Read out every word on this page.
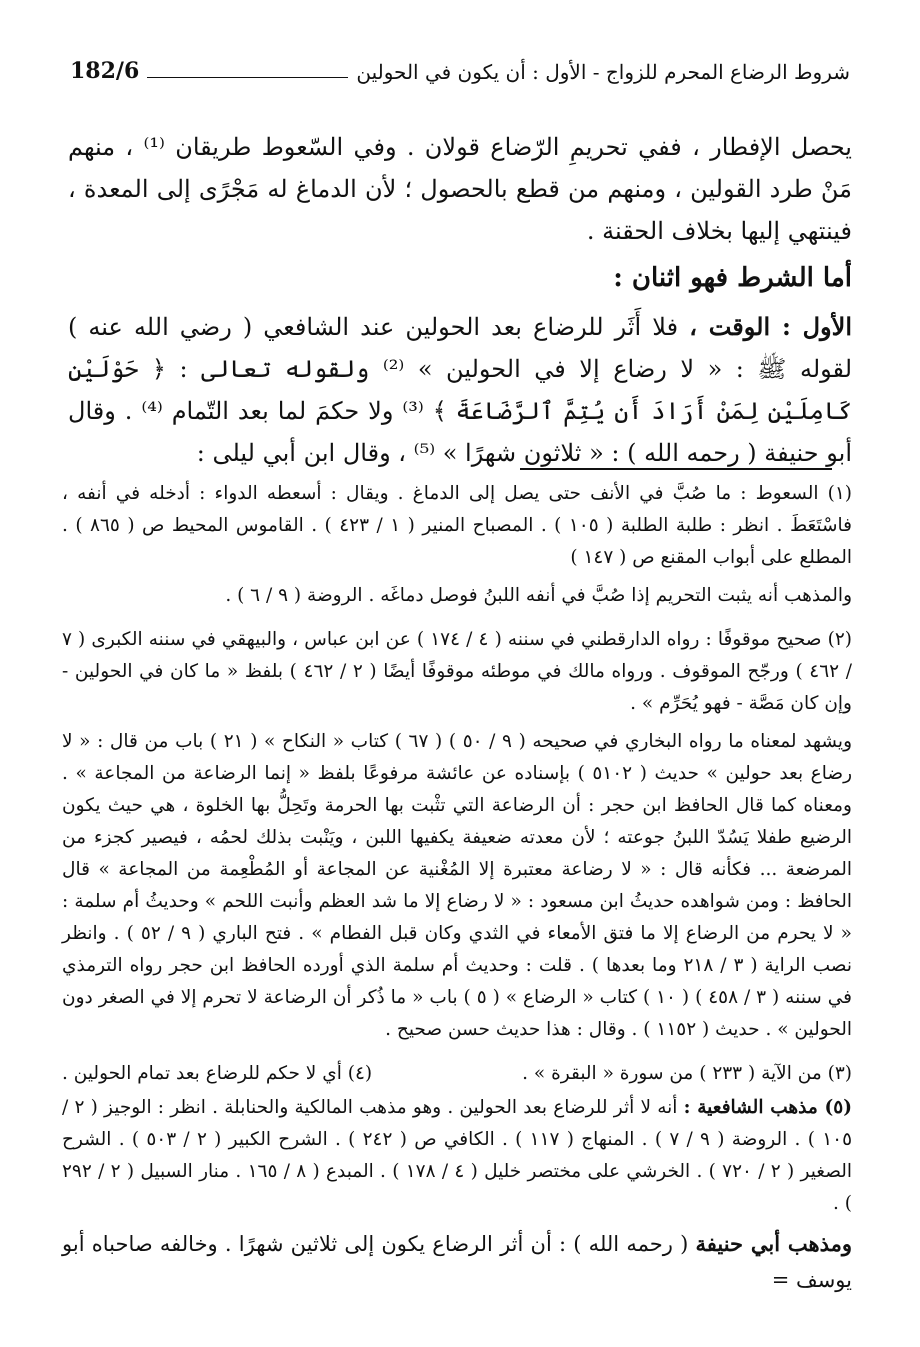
182/6	شروط الرضاع المحرم للزواج - الأول : أن يكون في الحولين

يحصل الإفطار ، ففي تحريمِ الرّضاع قولان . وفي السّعوط طريقان ⁽¹⁾ ، منهم مَنْ طرد القولين ، ومنهم من قطع بالحصول ؛ لأن الدماغ له مَجْرًى إلى المعدة ، فينتهي إليها بخلاف الحقنة .

أما الشرط فهو اثنان :

الأول : الوقت ، فلا أَثَر للرضاع بعد الحولين عند الشافعي ( رضي الله عنه ) لقوله ﷺ : « لا رضاع إلا في الحولين » ⁽²⁾ ولقوله تعالى : ﴿ حَوْلَيْنِ كَامِلَيْنِ لِمَنْ أَرَادَ أَن يُتِمَّ ٱلرَّضَاعَةَ ﴾ ⁽³⁾ ولا حكمَ لما بعد التّمام ⁽⁴⁾ . وقال أبو حنيفة ( رحمه الله ) : « ثلاثون شهرًا » ⁽⁵⁾ ، وقال ابن أبي ليلى :

(١) السعوط : ما صُبَّ في الأنف حتى يصل إلى الدماغ . ويقال : أسعطه الدواء : أدخله في أنفه ، فاسْتَعَطَ . انظر : طلبة الطلبة ( ١٠٥ ) . المصباح المنير ( ١ / ٤٢٣ ) . القاموس المحيط ص ( ٨٦٥ ) . المطلع على أبواب المقنع ص ( ١٤٧ )

والمذهب أنه يثبت التحريم إذا صُبَّ في أنفه اللبنُ فوصل دماغَه . الروضة ( ٩ / ٦ ) .

(٢) صحيح موقوفًا : رواه الدارقطني في سننه ( ٤ / ١٧٤ ) عن ابن عباس ، والبيهقي في سننه الكبرى ( ٧ / ٤٦٢ ) ورجّح الموقوف . ورواه مالك في موطئه موقوفًا أيضًا ( ٢ / ٤٦٢ ) بلفظ « ما كان في الحولين - وإن كان مَصَّة - فهو يُحَرِّم » .

ويشهد لمعناه ما رواه البخاري في صحيحه ( ٩ / ٥٠ ) ( ٦٧ ) كتاب « النكاح » ( ٢١ ) باب من قال : « لا رضاع بعد حولين » حديث ( ٥١٠٢ ) بإسناده عن عائشة مرفوعًا بلفظ « إنما الرضاعة من المجاعة » . ومعناه كما قال الحافظ ابن حجر : أن الرضاعة التي تثْبت بها الحرمة وتَحِلُّ بها الخلوة ، هي حيث يكون الرضيع طفلا يَسُدّ اللبنُ جوعته ؛ لأن معدته ضعيفة يكفيها اللبن ، ويَنْبت بذلك لحمُه ، فيصير كجزء من المرضعة ... فكأنه قال : « لا رضاعة معتبرة إلا المُغْنية عن المجاعة أو المُطْعِمة من المجاعة » قال الحافظ : ومن شواهده حديثُ ابن مسعود : « لا رضاع إلا ما شد العظم وأنبت اللحم » وحديثُ أم سلمة : « لا يحرم من الرضاع إلا ما فتق الأمعاء في الثدي وكان قبل الفطام » . فتح الباري ( ٩ / ٥٢ ) . وانظر نصب الراية ( ٣ / ٢١٨ وما بعدها ) . قلت : وحديث أم سلمة الذي أورده الحافظ ابن حجر رواه الترمذي في سننه ( ٣ / ٤٥٨ ) ( ١٠ ) كتاب « الرضاع » ( ٥ ) باب « ما ذُكر أن الرضاعة لا تحرم إلا في الصغر دون الحولين » . حديث ( ١١٥٢ ) . وقال : هذا حديث حسن صحيح .

(٣) من الآية ( ٢٣٣ ) من سورة « البقرة » .
(٤) أي لا حكم للرضاع بعد تمام الحولين .

(٥) مذهب الشافعية : أنه لا أثر للرضاع بعد الحولين . وهو مذهب المالكية والحنابلة . انظر : الوجيز ( ٢ / ١٠٥ ) . الروضة ( ٩ / ٧ ) . المنهاج ( ١١٧ ) . الكافي ص ( ٢٤٢ ) . الشرح الكبير ( ٢ / ٥٠٣ ) . الشرح الصغير ( ٢ / ٧٢٠ ) . الخرشي على مختصر خليل ( ٤ / ١٧٨ ) . المبدع ( ٨ / ١٦٥ . منار السبيل ( ٢ / ٢٩٢ ) .

ومذهب أبي حنيفة ( رحمه الله ) : أن أثر الرضاع يكون إلى ثلاثين شهرًا . وخالفه صاحباه أبو يوسف =
